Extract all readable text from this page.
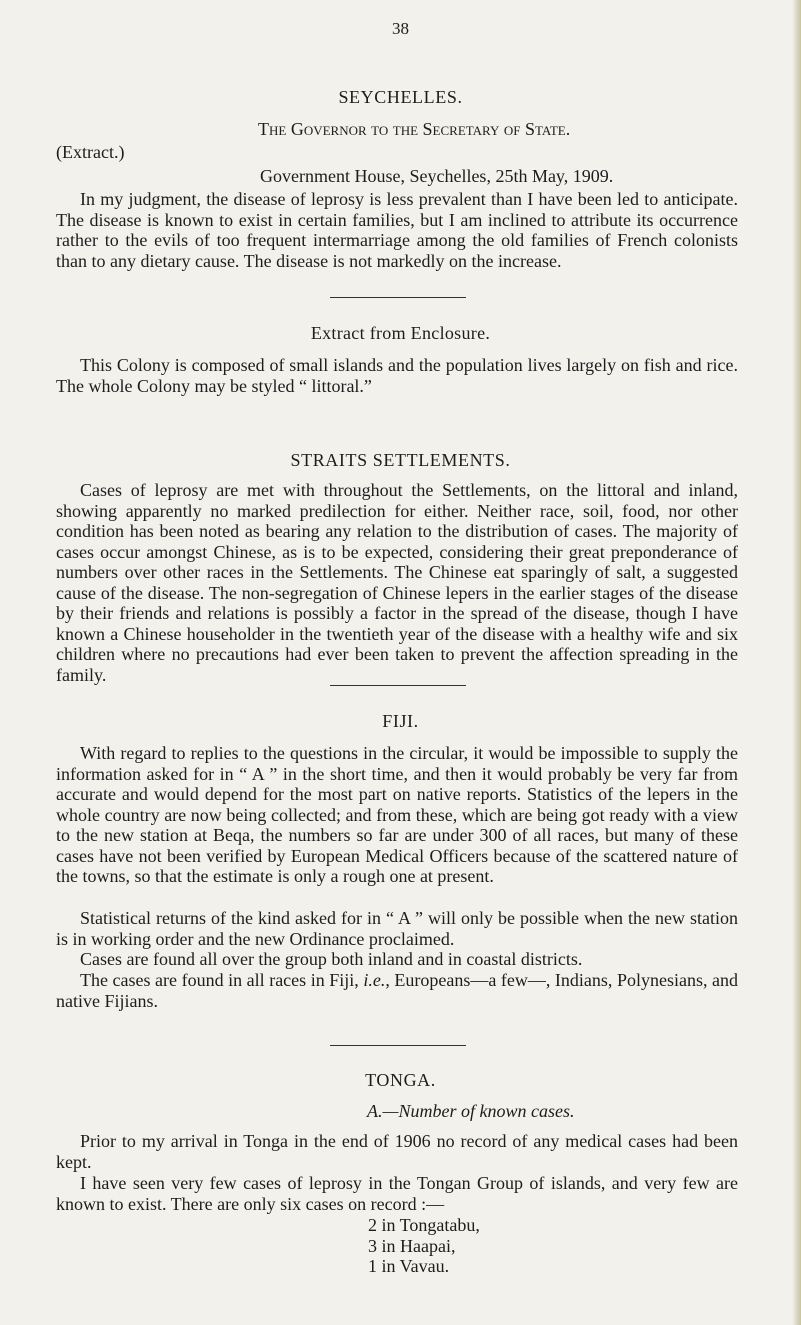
38

SEYCHELLES.

The Governor to the Secretary of State.

(Extract.)

Government House, Seychelles, 25th May, 1909.

In my judgment, the disease of leprosy is less prevalent than I have been led to anticipate. The disease is known to exist in certain families, but I am inclined to attribute its occurrence rather to the evils of too frequent intermarriage among the old families of French colonists than to any dietary cause. The disease is not markedly on the increase.

Extract from Enclosure.

This Colony is composed of small islands and the population lives largely on fish and rice. The whole Colony may be styled “ littoral.”

STRAITS SETTLEMENTS.

Cases of leprosy are met with throughout the Settlements, on the littoral and inland, showing apparently no marked predilection for either. Neither race, soil, food, nor other condition has been noted as bearing any relation to the distribution of cases. The majority of cases occur amongst Chinese, as is to be expected, considering their great preponderance of numbers over other races in the Settlements. The Chinese eat sparingly of salt, a suggested cause of the disease. The non-segregation of Chinese lepers in the earlier stages of the disease by their friends and relations is possibly a factor in the spread of the disease, though I have known a Chinese householder in the twentieth year of the disease with a healthy wife and six children where no precautions had ever been taken to prevent the affection spreading in the family.

FIJI.

With regard to replies to the questions in the circular, it would be impossible to supply the information asked for in “ A ” in the short time, and then it would probably be very far from accurate and would depend for the most part on native reports. Statistics of the lepers in the whole country are now being collected; and from these, which are being got ready with a view to the new station at Beqa, the numbers so far are under 300 of all races, but many of these cases have not been verified by European Medical Officers because of the scattered nature of the towns, so that the estimate is only a rough one at present.

Statistical returns of the kind asked for in “ A ” will only be possible when the new station is in working order and the new Ordinance proclaimed.

Cases are found all over the group both inland and in coastal districts.

The cases are found in all races in Fiji, i.e., Europeans—a few—, Indians, Polynesians, and native Fijians.

TONGA.

A.—Number of known cases.

Prior to my arrival in Tonga in the end of 1906 no record of any medical cases had been kept.

I have seen very few cases of leprosy in the Tongan Group of islands, and very few are known to exist. There are only six cases on record :—

2 in Tongatabu,
3 in Haapai,
1 in Vavau.
